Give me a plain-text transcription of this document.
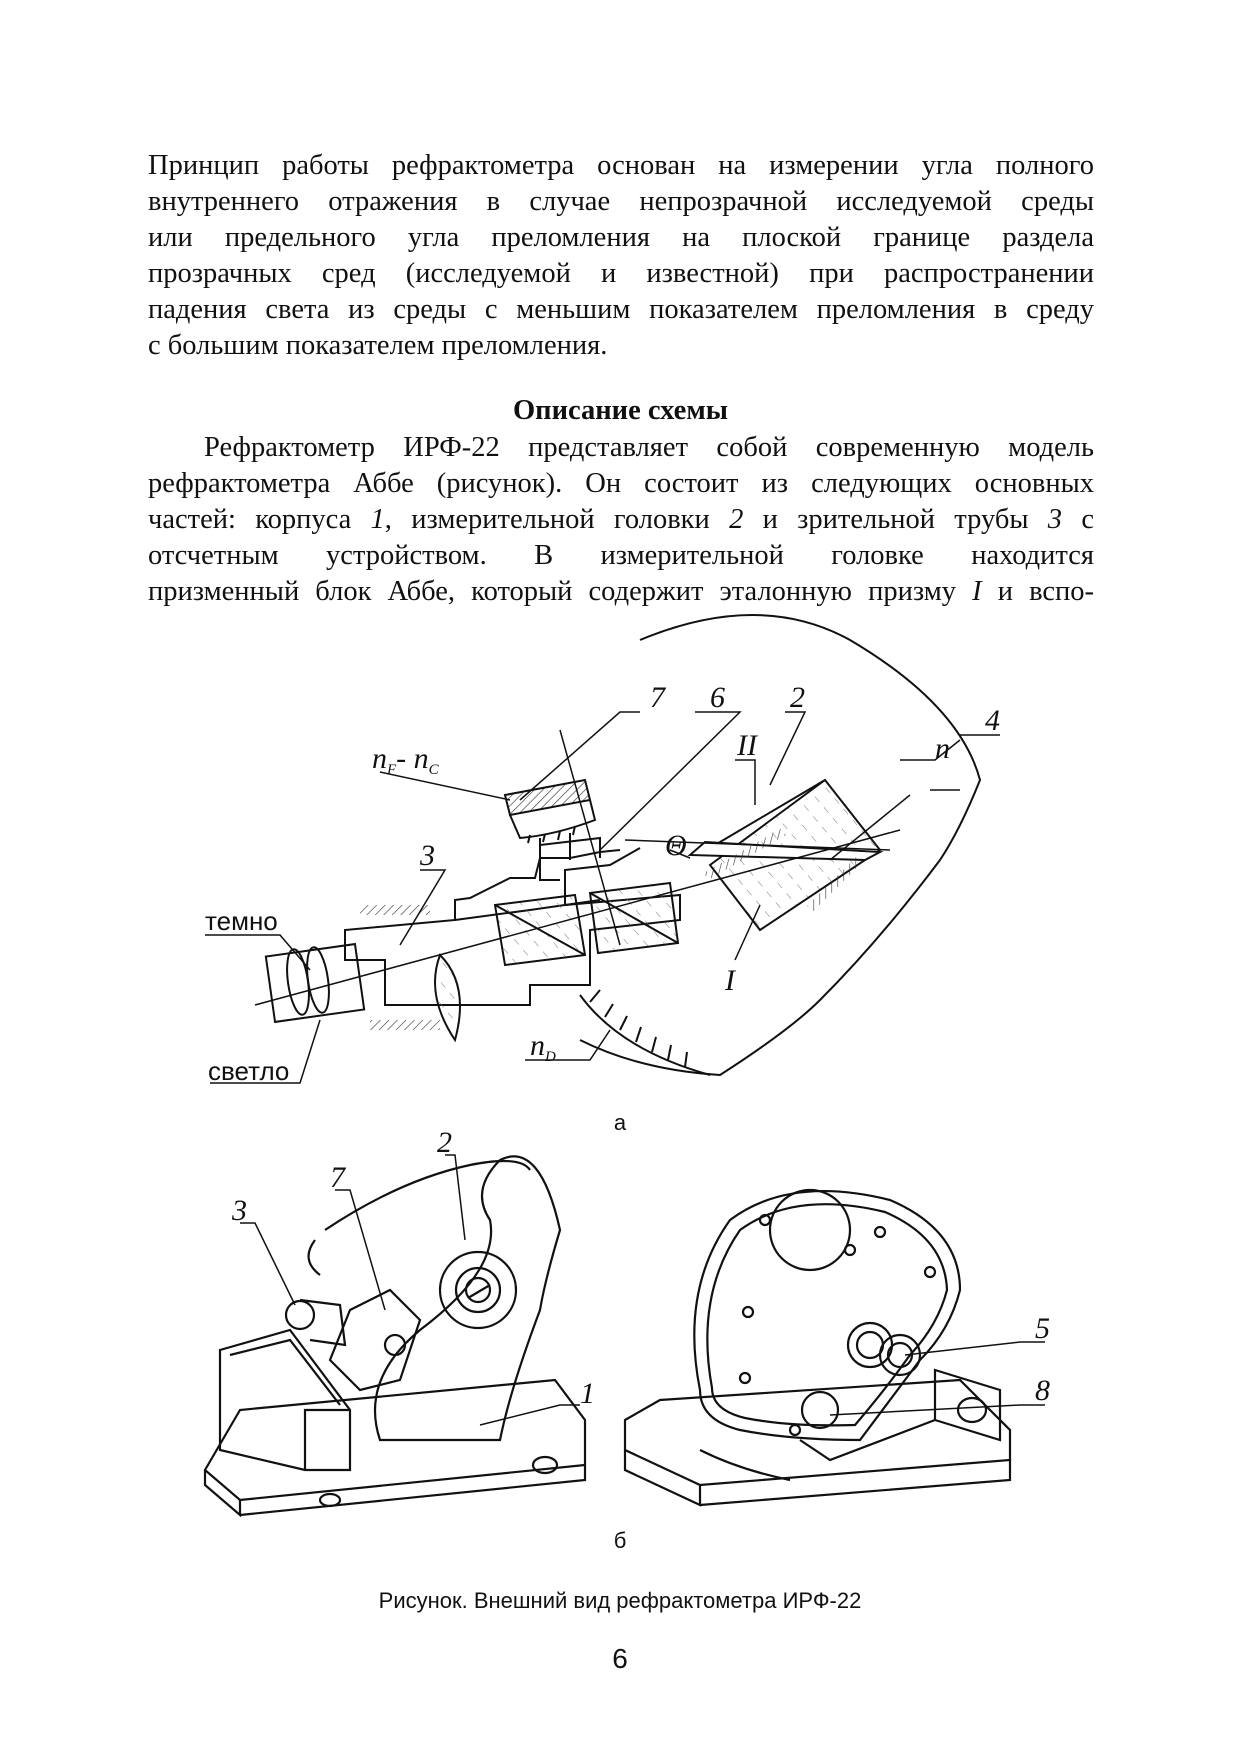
Принцип работы рефрактометра основан на измерении угла полного
внутреннего отражения в случае непрозрачной исследуемой среды
или предельного угла преломления на плоской границе раздела
прозрачных сред (исследуемой и известной) при распространении
падения света из среды с меньшим показателем преломления в среду
с большим показателем преломления.
Описание схемы
Рефрактометр ИРФ-22 представляет собой современную модель
рефрактометра Аббе (рисунок). Он состоит из следующих основных
частей: корпуса 1, измерительной головки 2 и зрительной трубы 3 с
отсчетным устройством. В измерительной головке находится
призменный блок Аббе, который содержит эталонную призму I и вспо-
7 6 2
4
$n_F-$ $n_C$
II	n
Θ
3
темно
светло
I
$n_D$
а
3
7
2
1
5
8
б
Рисунок. Внешний вид рефрактометра ИРФ-22
6
